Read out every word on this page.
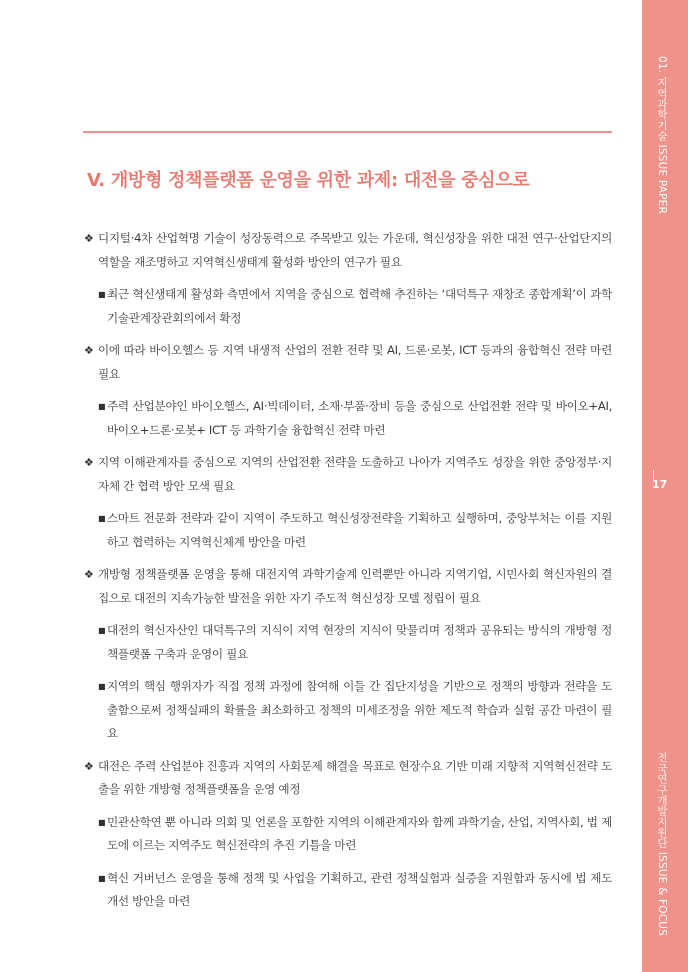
01. 지역과학기술 ISSUE PAPER
17
전국연구개발지원단 ISSUE & FOCUS
V. 개방형 정책플랫폼 운영을 위한 과제: 대전을 중심으로
❖ 디지털·4차 산업혁명 기술이 성장동력으로 주목받고 있는 가운데, 혁신성장을 위한 대전 연구·산업단지의 역할을 재조명하고 지역혁신생태계 활성화 방안의 연구가 필요
■ 최근 혁신생태계 활성화 측면에서 지역을 중심으로 협력해 추진하는 ‘대덕특구 재창조 종합계획’이 과학기술관계장관회의에서 확정
❖ 이에 따라 바이오헬스 등 지역 내생적 산업의 전환 전략 및 AI, 드론·로봇, ICT 등과의 융합혁신 전략 마련 필요
■ 주력 산업분야인 바이오헬스, AI·빅데이터, 소재·부품·장비 등을 중심으로 산업전환 전략 및 바이오+AI, 바이오+드론·로봇+ ICT 등 과학기술 융합혁신 전략 마련
❖ 지역 이해관계자를 중심으로 지역의 산업전환 전략을 도출하고 나아가 지역주도 성장을 위한 중앙정부·지자체 간 협력 방안 모색 필요
■ 스마트 전문화 전략과 같이 지역이 주도하고 혁신성장전략을 기획하고 실행하며, 중앙부처는 이를 지원하고 협력하는 지역혁신체계 방안을 마련
❖ 개방형 정책플랫폼 운영을 통해 대전지역 과학기술계 인력뿐만 아니라 지역기업, 시민사회 혁신자원의 결집으로 대전의 지속가능한 발전을 위한 자기 주도적 혁신성장 모델 정립이 필요
■ 대전의 혁신자산인 대덕특구의 지식이 지역 현장의 지식이 맞물리며 정책과 공유되는 방식의 개방형 정책플랫폼 구축과 운영이 필요
■ 지역의 핵심 행위자가 직접 정책 과정에 참여해 이들 간 집단지성을 기반으로 정책의 방향과 전략을 도출함으로써 정책실패의 확률을 최소화하고 정책의 미세조정을 위한 제도적 학습과 실험 공간 마련이 필요
❖ 대전은 주력 산업분야 진흥과 지역의 사회문제 해결을 목표로 현장수요 기반 미래 지향적 지역혁신전략 도출을 위한 개방형 정책플랫폼을 운영 예정
■ 민관산학연 뿐 아니라 의회 및 언론을 포함한 지역의 이해관계자와 함께 과학기술, 산업, 지역사회, 법 제도에 이르는 지역주도 혁신전략의 추진 기틀을 마련
■ 혁신 거버넌스 운영을 통해 정책 및 사업을 기획하고, 관련 정책실험과 실증을 지원함과 동시에 법 제도 개선 방안을 마련
